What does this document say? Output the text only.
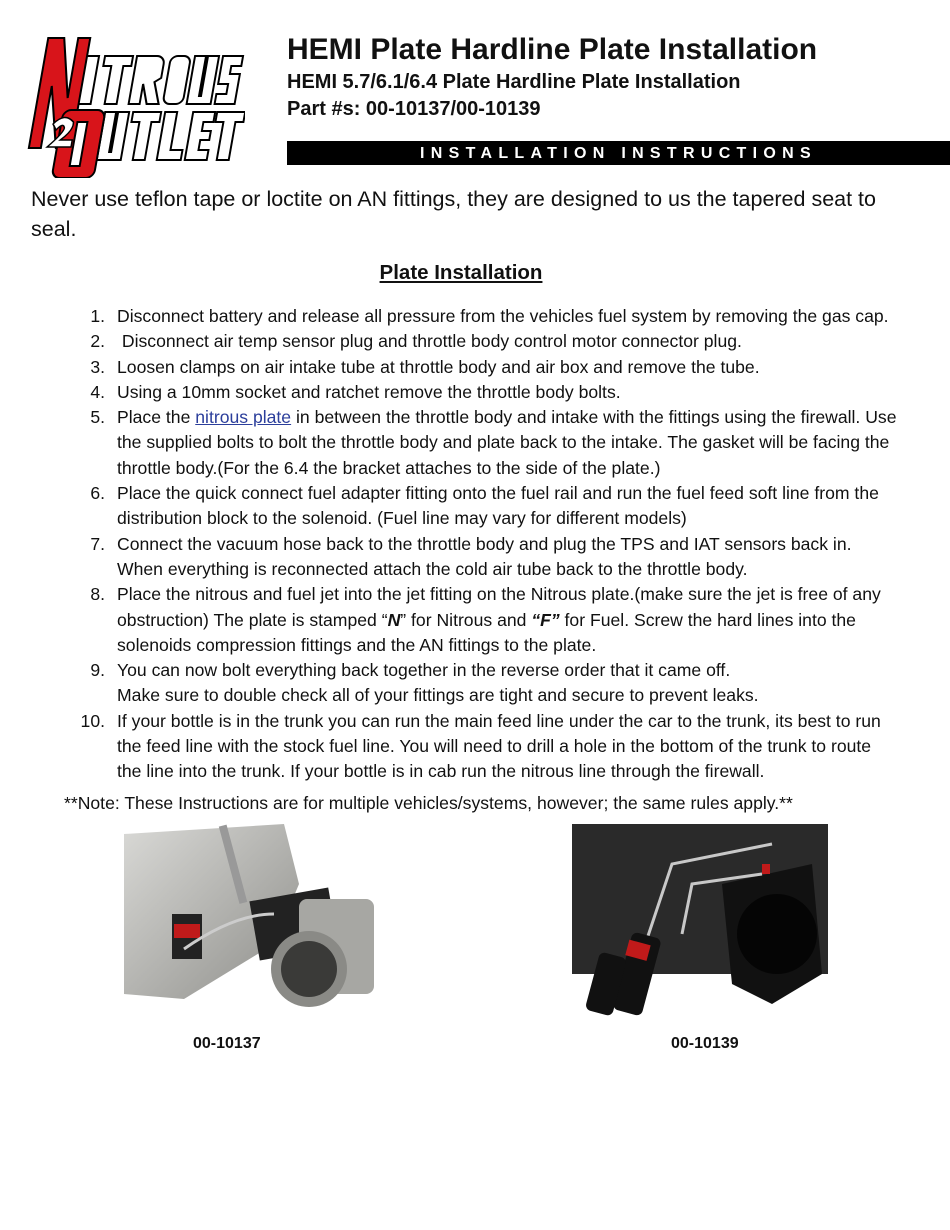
HEMI Plate Hardline Plate Installation
HEMI 5.7/6.1/6.4 Plate Hardline Plate Installation
Part #s: 00-10137/00-10139
INSTALLATION INSTRUCTIONS
Never use teflon tape or loctite on AN fittings, they are designed to us the tapered seat to seal.
Plate Installation
1. Disconnect battery and release all pressure from the vehicles fuel system by removing the gas cap.
2. Disconnect air temp sensor plug and throttle body control motor connector plug.
3. Loosen clamps on air intake tube at throttle body and air box and remove the tube.
4. Using a 10mm socket and ratchet remove the throttle body bolts.
5. Place the nitrous plate in between the throttle body and intake with the fittings using the firewall. Use the supplied bolts to bolt the throttle body and plate back to the intake. The gasket will be facing the throttle body.(For the 6.4 the bracket attaches to the side of the plate.)
6. Place the quick connect fuel adapter fitting onto the fuel rail and run the fuel feed soft line from the distribution block to the solenoid. (Fuel line may vary for different models)
7. Connect the vacuum hose back to the throttle body and plug the TPS and IAT sensors back in. When everything is reconnected attach the cold air tube back to the throttle body.
8. Place the nitrous and fuel jet into the jet fitting on the Nitrous plate.(make sure the jet is free of any obstruction) The plate is stamped “N” for Nitrous and “F” for Fuel. Screw the hard lines into the solenoids compression fittings and the AN fittings to the plate.
9. You can now bolt everything back together in the reverse order that it came off.
Make sure to double check all of your fittings are tight and secure to prevent leaks.
10. If your bottle is in the trunk you can run the main feed line under the car to the trunk, its best to run the feed line with the stock fuel line. You will need to drill a hole in the bottom of the trunk to route the line into the trunk. If your bottle is in cab run the nitrous line through the firewall.
**Note: These Instructions are for multiple vehicles/systems, however; the same rules apply.**
00-10137	00-10139
